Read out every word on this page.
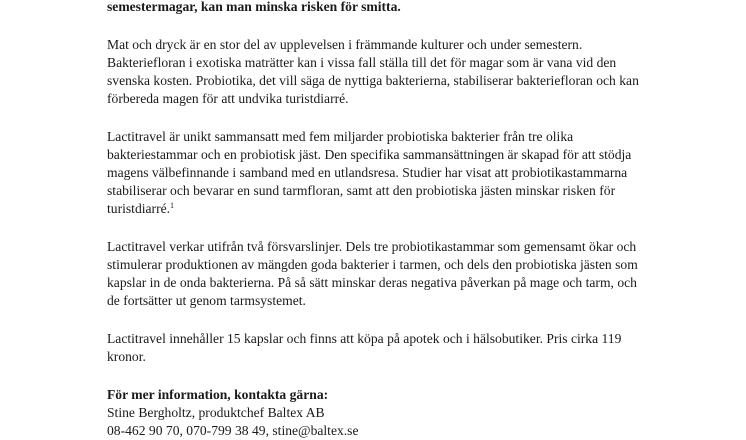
semestermagar, kan man minska risken för smitta.

Mat och dryck är en stor del av upplevelsen i främmande kulturer och under semestern.
Bakteriefloran i exotiska maträtter kan i vissa fall ställa till det för magar som är vana vid den
svenska kosten. Probiotika, det vill säga de nyttiga bakterierna, stabiliserar bakteriefloran och kan
förbereda magen för att undvika turistdiarré.

Lactitravel är unikt sammansatt med fem miljarder probiotiska bakterier från tre olika
bakteriestammar och en probiotisk jäst. Den specifika sammansättningen är skapad för att stödja
magens välbefinnande i samband med en utlandsresa. Studier har visat att probiotikastammarna
stabiliserar och bevarar en sund tarmfloran, samt att den probiotiska jästen minskar risken för
turistdiarré.$^1$

Lactitravel verkar utifrån två försvarslinjer. Dels tre probiotikastammar som gemensamt ökar och
stimulerar produktionen av mängden goda bakterier i tarmen, och dels den probiotiska jästen som
kapslar in de onda bakterierna. På så sätt minskar deras negativa påverkan på mage och tarm, och
de fortsätter ut genom tarmsystemet.

Lactitravel innehåller 15 kapslar och finns att köpa på apotek och i hälsobutiker. Pris cirka 119
kronor.

För mer information, kontakta gärna:

Stine Bergholtz, produktchef Baltex AB

08-462 90 70, 070-799 38 49, stine@baltex.se
